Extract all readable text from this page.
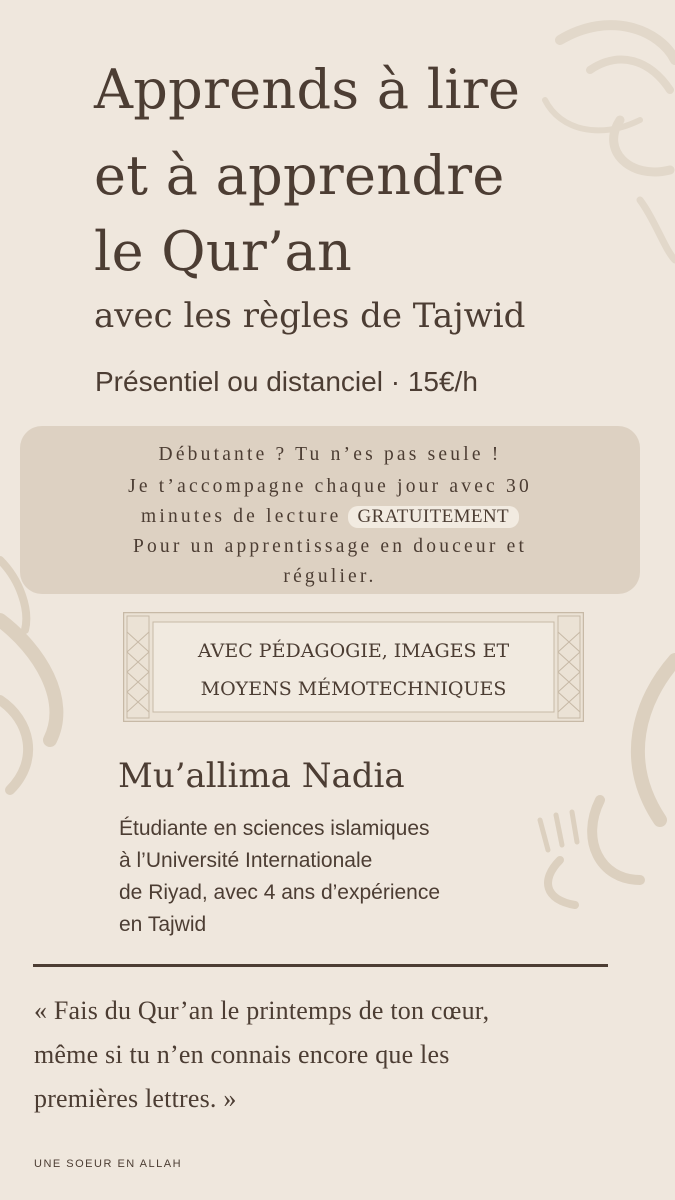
Apprends à lire
et à apprendre
le Qur’an
avec les règles de Tajwid
Présentiel ou distanciel · 15€/h
Débutante ? Tu n’es pas seule !
Je t’accompagne chaque jour avec 30
minutes de lecture GRATUITEMENT
Pour un apprentissage en douceur et
régulier.
AVEC PÉDAGOGIE, IMAGES ET
MOYENS MÉMOTECHNIQUES
Mu’allima Nadia
Étudiante en sciences islamiques
à l’Université Internationale
de Riyad, avec 4 ans d’expérience
en Tajwid
« Fais du Qur’an le printemps de ton cœur,
même si tu n’en connais encore que les
premières lettres. »
UNE SOEUR EN ALLAH
